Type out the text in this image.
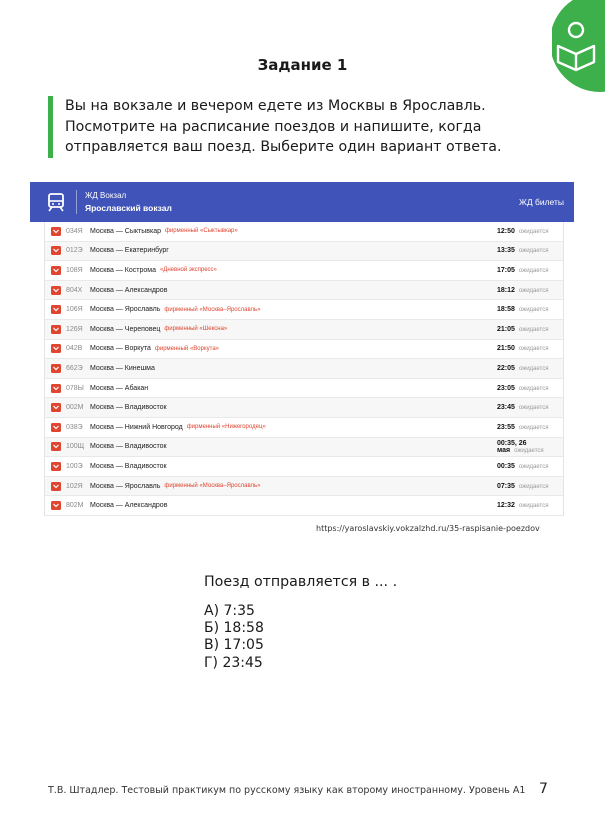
Задание 1
Вы на вокзале и вечером едете из Москвы в Ярославль.
Посмотрите на расписание поездов и напишите, когда
отправляется ваш поезд. Выберите один вариант ответа.
ЖД Вокзал
Ярославский вокзал
ЖД билеты
034Я	Москва — Сыктывкар фирменный «Сыктывкар»	12:50 ожидается
012Э	Москва — Екатеринбург	13:35 ожидается
108Я	Москва — Кострома «Дневной экспресс»	17:05 ожидается
804Х	Москва — Александров	18:12 ожидается
106Я	Москва — Ярославль фирменный «Москва–Ярославль»	18:58 ожидается
126Я	Москва — Череповец фирменный «Шексна»	21:05 ожидается
042В	Москва — Воркута фирменный «Воркута»	21:50 ожидается
662Э	Москва — Кинешма	22:05 ожидается
078Ы Москва — Абакан	23:05 ожидается
002М Москва — Владивосток	23:45 ожидается
038Э	Москва — Нижний Новгород фирменный «Нижегородец»	23:55 ожидается
100Щ Москва — Владивосток	00:35, 26 мая ожидается
100Э	Москва — Владивосток	00:35 ожидается
102Я	Москва — Ярославль фирменный «Москва–Ярославль»	07:35 ожидается
802М Москва — Александров	12:32 ожидается
https://yaroslavskiy.vokzalzhd.ru/35-raspisanie-poezdov
Поезд отправляется в ... .
А) 7:35
Б) 18:58
В) 17:05
Г) 23:45
Т.В. Штадлер. Тестовый практикум по русскому языку как второму иностранному. Уровень А1 7
